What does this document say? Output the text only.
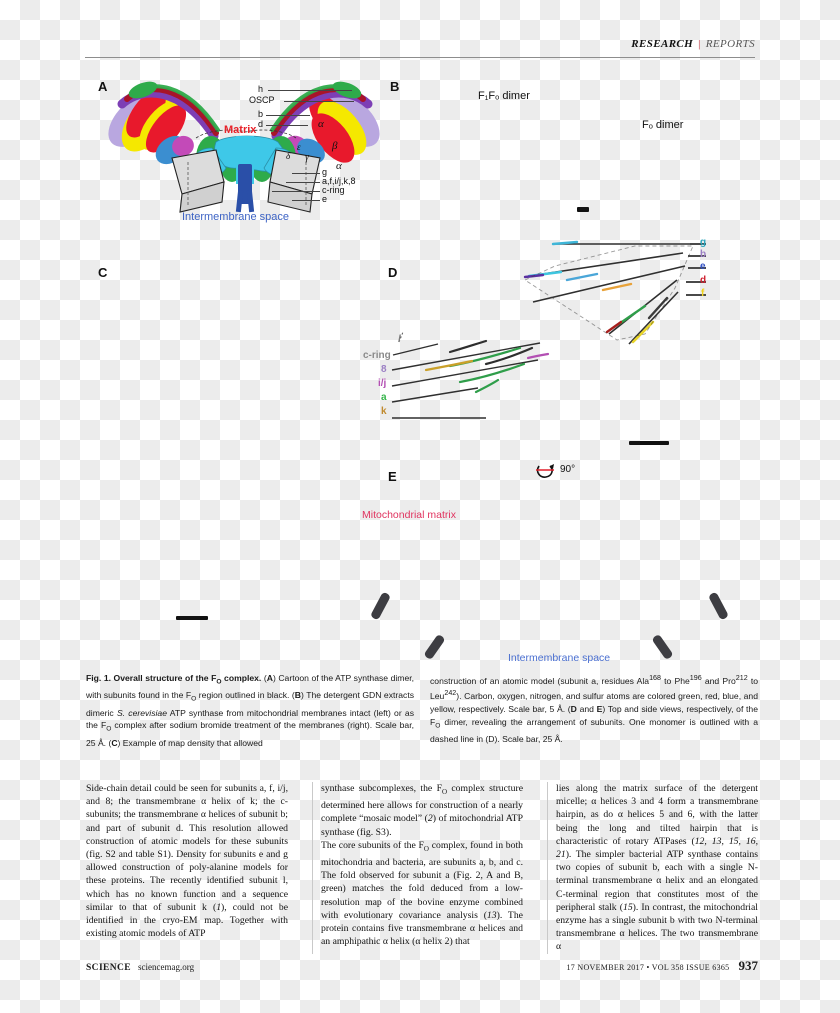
RESEARCH | REPORTS
A	B
C	D
E
α
β
α
δ
ε
γ
Matrix
Intermembrane space
h
OSCP
b
d
g
a,f,i/j,k,8
c-ring
e
F₁Fₒ dimer
Fₒ dimer
g
b
e
d
f
l
c-ring
8
i/j
a
k
90°
Mitochondrial matrix
Intermembrane space
Fig. 1. Overall structure of the $F_O$ complex. (A) Cartoon of the ATP synthase dimer, with subunits found in the $F_O$ region outlined in black. (B) The detergent GDN extracts dimeric S. cerevisiae ATP synthase from mitochondrial membranes intact (left) or as the $F_O$ complex after sodium bromide treatment of the membranes (right). Scale bar, 25 Å. (C) Example of map density that allowed
construction of an atomic model (subunit a, residues Ala$^{168}$ to Phe$^{196}$ and Pro$^{212}$ to Leu$^{242}$). Carbon, oxygen, nitrogen, and sulfur atoms are colored green, red, blue, and yellow, respectively. Scale bar, 5 Å. (D and E) Top and side views, respectively, of the $F_O$ dimer, revealing the arrangement of subunits. One monomer is outlined with a dashed line in (D). Scale bar, 25 Å.
Side-chain detail could be seen for subunits a, f, i/j, and 8; the transmembrane α helix of k; the c-subunits; the transmembrane α helices of subunit b; and part of subunit d. This resolution allowed construction of atomic models for these subunits (fig. S2 and table S1). Density for subunits e and g allowed construction of poly-alanine models for these proteins. The recently identified subunit l, which has no known function and a sequence similar to that of subunit k (1), could not be identified in the cryo-EM map. Together with existing atomic models of ATP
synthase subcomplexes, the $F_O$ complex structure determined here allows for construction of a nearly complete “mosaic model” (2) of mitochondrial ATP synthase (fig. S3).
The core subunits of the $F_O$ complex, found in both mitochondria and bacteria, are subunits a, b, and c. The fold observed for subunit a (Fig. 2, A and B, green) matches the fold deduced from a low-resolution map of the bovine enzyme combined with evolutionary covariance analysis (13). The protein contains five transmembrane α helices and an amphipathic α helix (α helix 2) that
lies along the matrix surface of the detergent micelle; α helices 3 and 4 form a transmembrane hairpin, as do α helices 5 and 6, with the latter being the long and tilted hairpin that is characteristic of rotary ATPases (12, 13, 15, 16, 21). The simpler bacterial ATP synthase contains two copies of subunit b, each with a single N-terminal transmembrane α helix and an elongated C-terminal region that constitutes most of the peripheral stalk (15). In contrast, the mitochondrial enzyme has a single subunit b with two N-terminal transmembrane α helices. The two transmembrane α
SCIENCE sciencemag.org	17 NOVEMBER 2017 • VOL 358 ISSUE 6365 937
